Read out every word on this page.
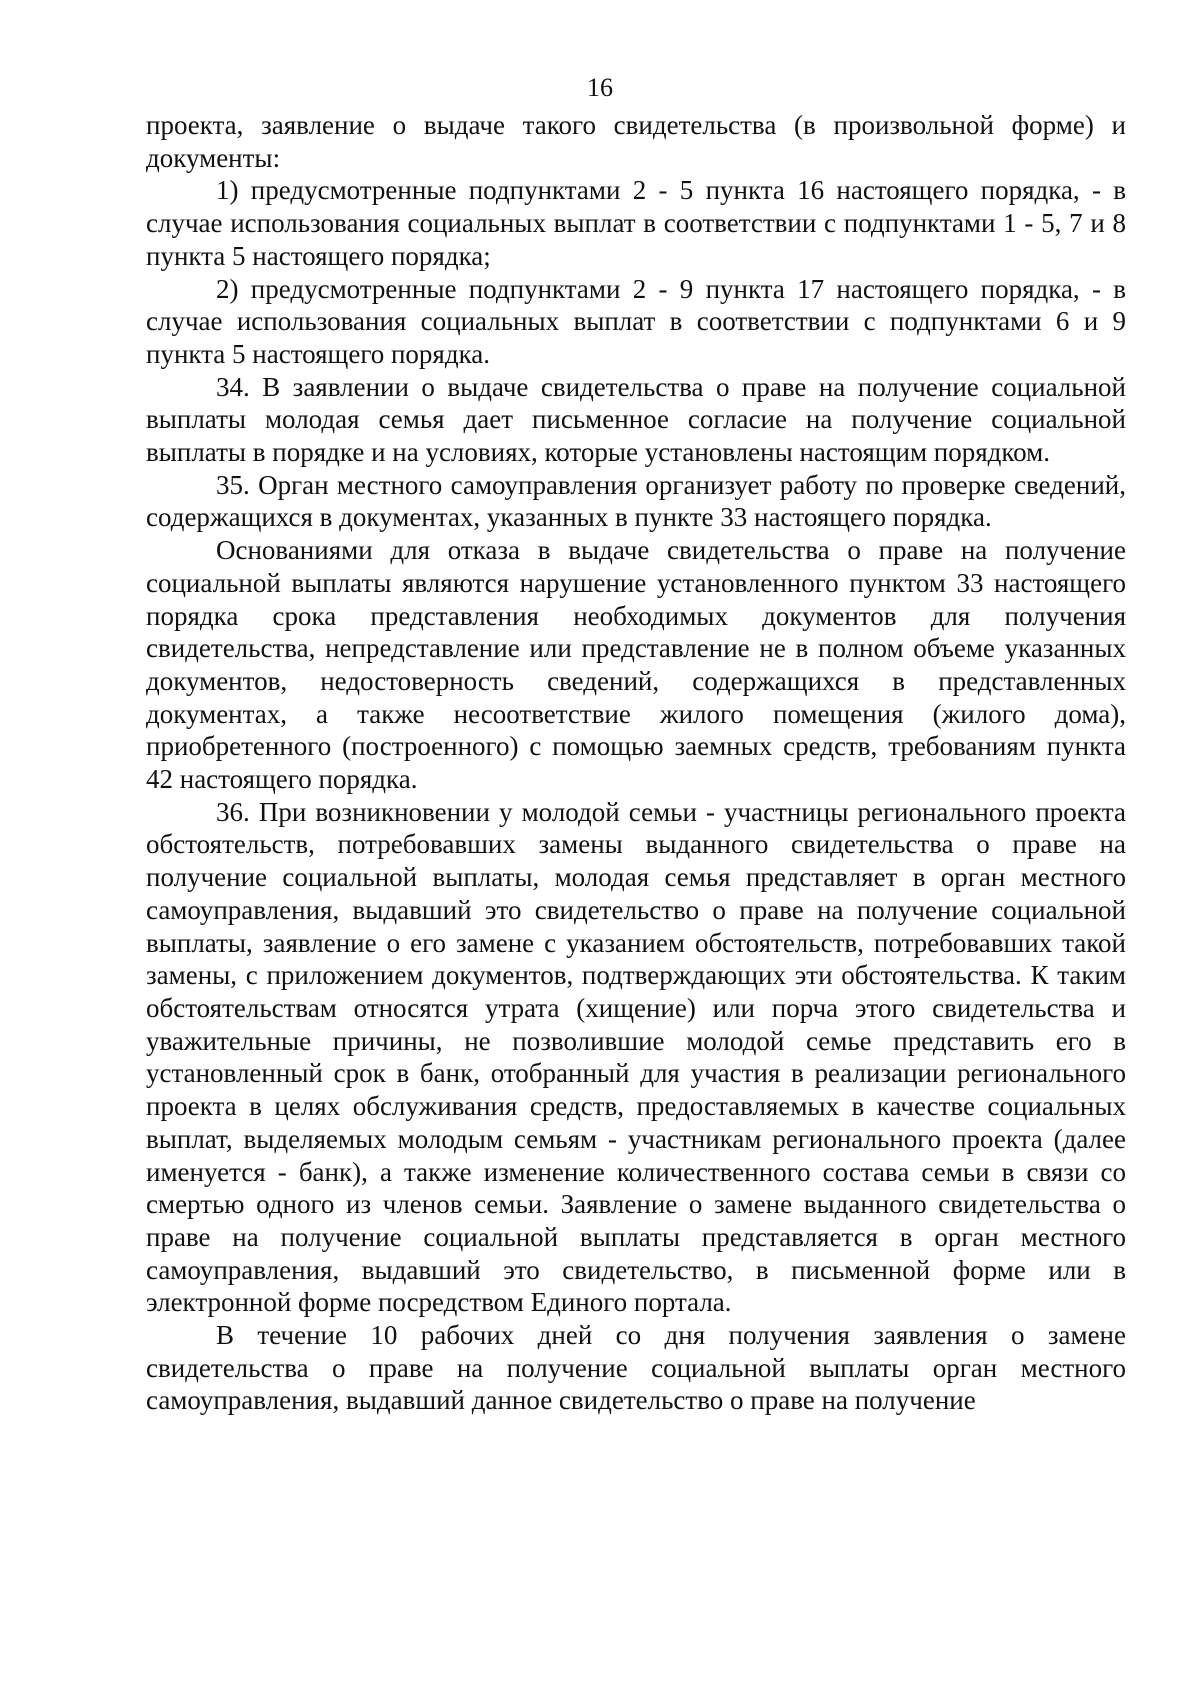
16

проекта, заявление о выдаче такого свидетельства (в произвольной форме) и документы:

1) предусмотренные подпунктами 2 - 5 пункта 16 настоящего порядка, - в случае использования социальных выплат в соответствии с подпунктами 1 - 5, 7 и 8 пункта 5 настоящего порядка;

2) предусмотренные подпунктами 2 - 9 пункта 17 настоящего порядка, - в случае использования социальных выплат в соответствии с подпунктами 6 и 9 пункта 5 настоящего порядка.

34. В заявлении о выдаче свидетельства о праве на получение социальной выплаты молодая семья дает письменное согласие на получение социальной выплаты в порядке и на условиях, которые установлены настоящим порядком.

35. Орган местного самоуправления организует работу по проверке сведений, содержащихся в документах, указанных в пункте 33 настоящего порядка.

Основаниями для отказа в выдаче свидетельства о праве на получение социальной выплаты являются нарушение установленного пунктом 33 настоящего порядка срока представления необходимых документов для получения свидетельства, непредставление или представление не в полном объеме указанных документов, недостоверность сведений, содержащихся в представленных документах, а также несоответствие жилого помещения (жилого дома), приобретенного (построенного) с помощью заемных средств, требованиям пункта 42 настоящего порядка.

36. При возникновении у молодой семьи - участницы регионального проекта обстоятельств, потребовавших замены выданного свидетельства о праве на получение социальной выплаты, молодая семья представляет в орган местного самоуправления, выдавший это свидетельство о праве на получение социальной выплаты, заявление о его замене с указанием обстоятельств, потребовавших такой замены, с приложением документов, подтверждающих эти обстоятельства. К таким обстоятельствам относятся утрата (хищение) или порча этого свидетельства и уважительные причины, не позволившие молодой семье представить его в установленный срок в банк, отобранный для участия в реализации регионального проекта в целях обслуживания средств, предоставляемых в качестве социальных выплат, выделяемых молодым семьям - участникам регионального проекта (далее именуется - банк), а также изменение количественного состава семьи в связи со смертью одного из членов семьи. Заявление о замене выданного свидетельства о праве на получение социальной выплаты представляется в орган местного самоуправления, выдавший это свидетельство, в письменной форме или в электронной форме посредством Единого портала.

В течение 10 рабочих дней со дня получения заявления о замене свидетельства о праве на получение социальной выплаты орган местного самоуправления, выдавший данное свидетельство о праве на получение
